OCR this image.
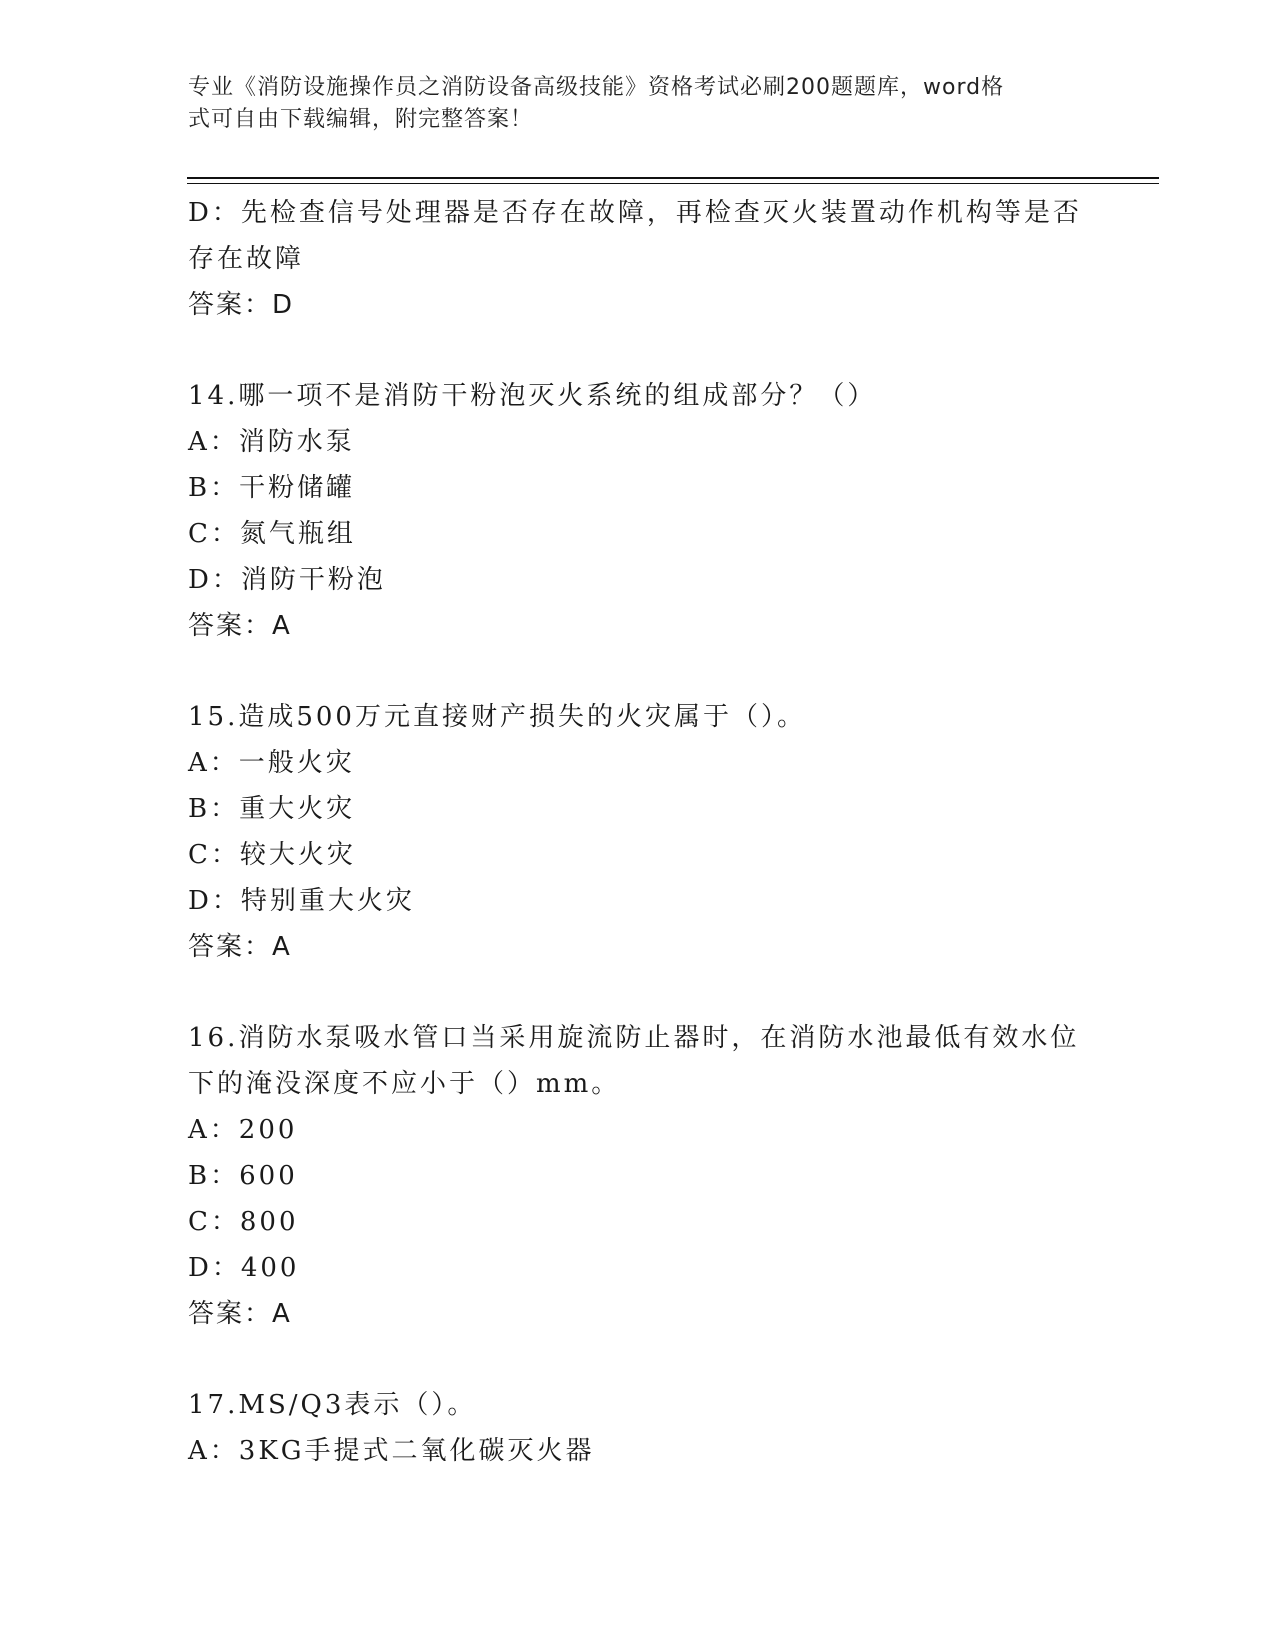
专业《消防设施操作员之消防设备高级技能》资格考试必刷200题题库，word格
式可自由下载编辑，附完整答案！
D：先检查信号处理器是否存在故障，再检查灭火装置动作机构等是否
存在故障
答案：D
14.哪一项不是消防干粉泡灭火系统的组成部分？（）
A：消防水泵
B：干粉储罐
C：氮气瓶组
D：消防干粉泡
答案：A
15.造成500万元直接财产损失的火灾属于（）。
A：一般火灾
B：重大火灾
C：较大火灾
D：特别重大火灾
答案：A
16.消防水泵吸水管口当采用旋流防止器时，在消防水池最低有效水位
下的淹没深度不应小于（）mm。
A：200
B：600
C：800
D：400
答案：A
17.MS/Q3表示（）。
A：3KG手提式二氧化碳灭火器
